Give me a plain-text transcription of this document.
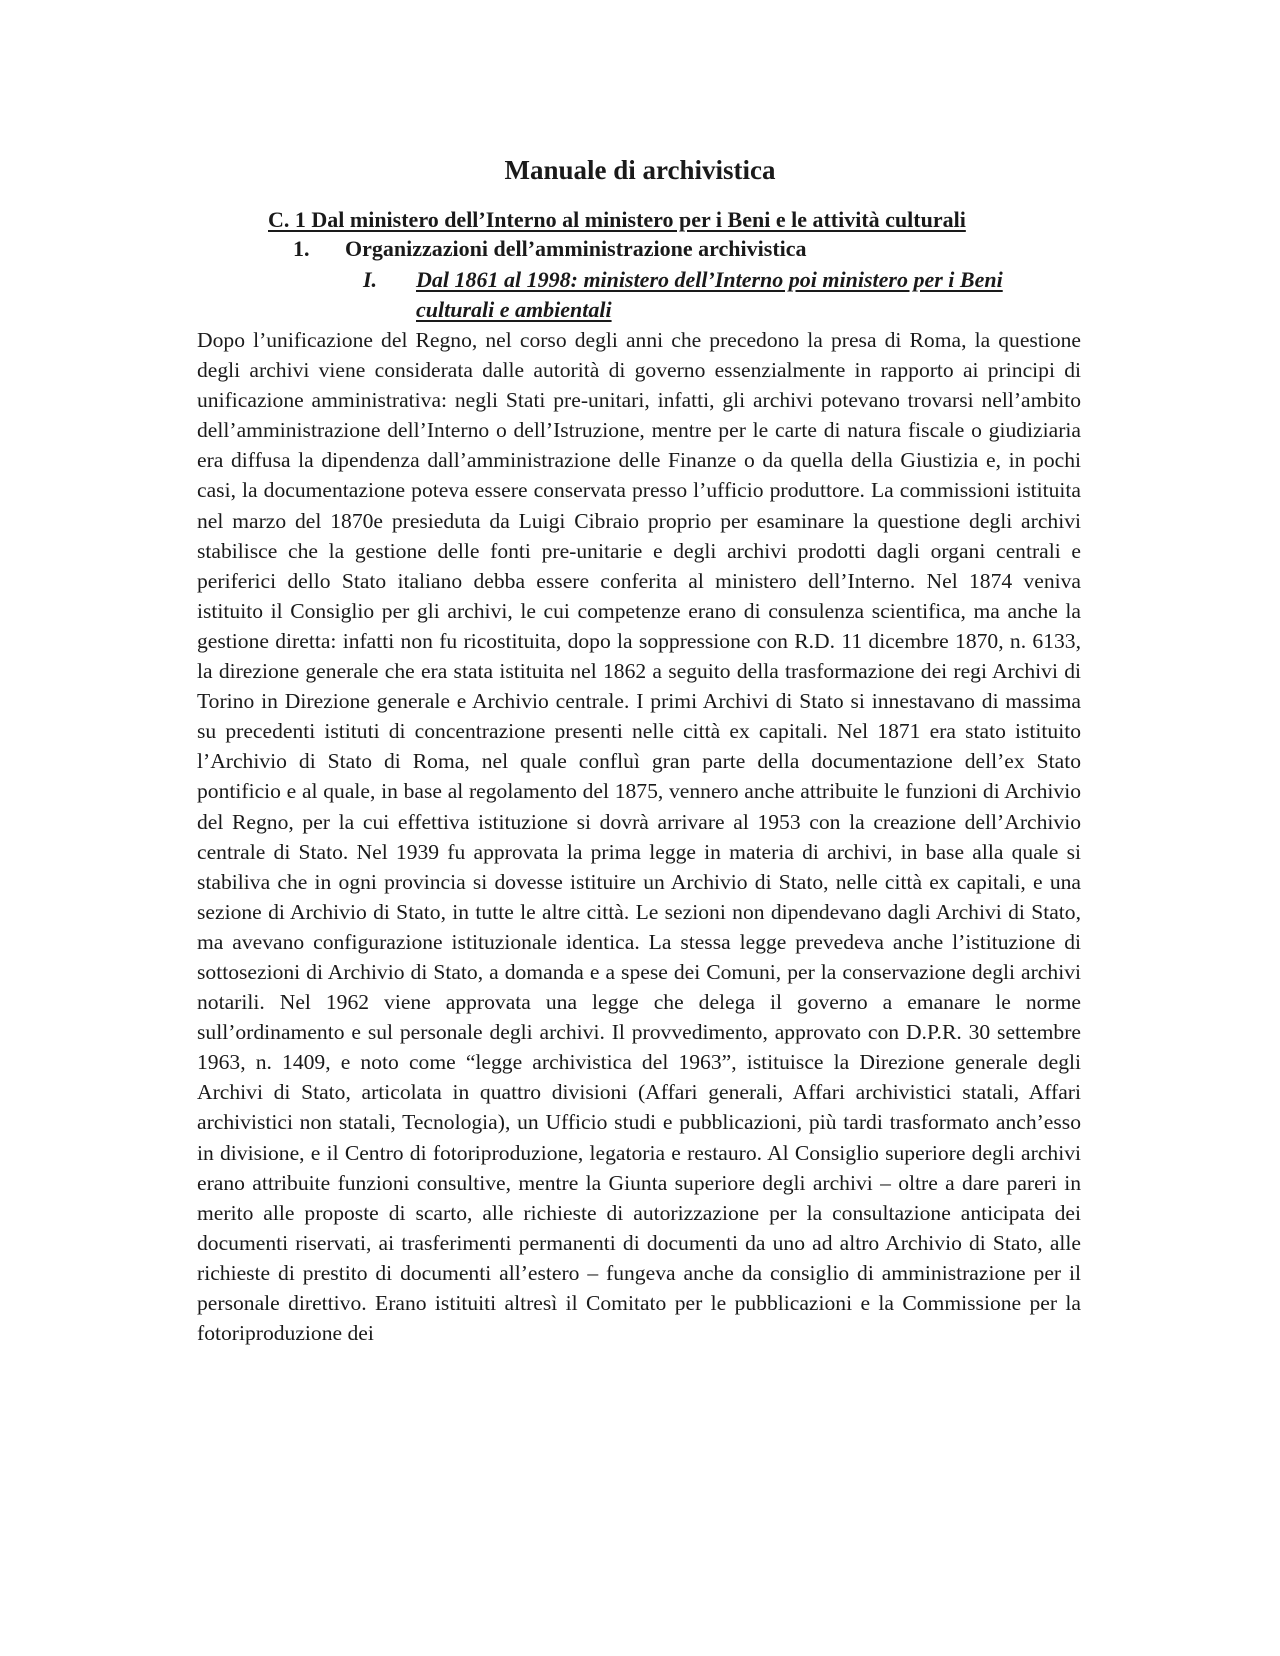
Manuale di archivistica
C. 1 Dal ministero dell’Interno al ministero per i Beni e le attività culturali
1. Organizzazioni dell’amministrazione archivistica
I. Dal 1861 al 1998: ministero dell’Interno poi ministero per i Beni culturali e ambientali

Dopo l’unificazione del Regno, nel corso degli anni che precedono la presa di Roma, la questione degli archivi viene considerata dalle autorità di governo essenzialmente in rapporto ai principi di unificazione amministrativa: negli Stati pre-unitari, infatti, gli archivi potevano trovarsi nell’ambito dell’amministrazione dell’Interno o dell’Istruzione, mentre per le carte di natura fiscale o giudiziaria era diffusa la dipendenza dall’amministrazione delle Finanze o da quella della Giustizia e, in pochi casi, la documentazione poteva essere conservata presso l’ufficio produttore. La commissioni istituita nel marzo del 1870e presieduta da Luigi Cibraio proprio per esaminare la questione degli archivi stabilisce che la gestione delle fonti pre-unitarie e degli archivi prodotti dagli organi centrali e periferici dello Stato italiano debba essere conferita al ministero dell’Interno. Nel 1874 veniva istituito il Consiglio per gli archivi, le cui competenze erano di consulenza scientifica, ma anche la gestione diretta: infatti non fu ricostituita, dopo la soppressione con R.D. 11 dicembre 1870, n. 6133, la direzione generale che era stata istituita nel 1862 a seguito della trasformazione dei regi Archivi di Torino in Direzione generale e Archivio centrale. I primi Archivi di Stato si innestavano di massima su precedenti istituti di concentrazione presenti nelle città ex capitali. Nel 1871 era stato istituito l’Archivio di Stato di Roma, nel quale confluì gran parte della documentazione dell’ex Stato pontificio e al quale, in base al regolamento del 1875, vennero anche attribuite le funzioni di Archivio del Regno, per la cui effettiva istituzione si dovrà arrivare al 1953 con la creazione dell’Archivio centrale di Stato. Nel 1939 fu approvata la prima legge in materia di archivi, in base alla quale si stabiliva che in ogni provincia si dovesse istituire un Archivio di Stato, nelle città ex capitali, e una sezione di Archivio di Stato, in tutte le altre città. Le sezioni non dipendevano dagli Archivi di Stato, ma avevano configurazione istituzionale identica. La stessa legge prevedeva anche l’istituzione di sottosezioni di Archivio di Stato, a domanda e a spese dei Comuni, per la conservazione degli archivi notarili. Nel 1962 viene approvata una legge che delega il governo a emanare le norme sull’ordinamento e sul personale degli archivi. Il provvedimento, approvato con D.P.R. 30 settembre 1963, n. 1409, e noto come “legge archivistica del 1963”, istituisce la Direzione generale degli Archivi di Stato, articolata in quattro divisioni (Affari generali, Affari archivistici statali, Affari archivistici non statali, Tecnologia), un Ufficio studi e pubblicazioni, più tardi trasformato anch’esso in divisione, e il Centro di fotoriproduzione, legatoria e restauro. Al Consiglio superiore degli archivi erano attribuite funzioni consultive, mentre la Giunta superiore degli archivi – oltre a dare pareri in merito alle proposte di scarto, alle richieste di autorizzazione per la consultazione anticipata dei documenti riservati, ai trasferimenti permanenti di documenti da uno ad altro Archivio di Stato, alle richieste di prestito di documenti all’estero – fungeva anche da consiglio di amministrazione per il personale direttivo. Erano istituiti altresì il Comitato per le pubblicazioni e la Commissione per la fotoriproduzione dei
